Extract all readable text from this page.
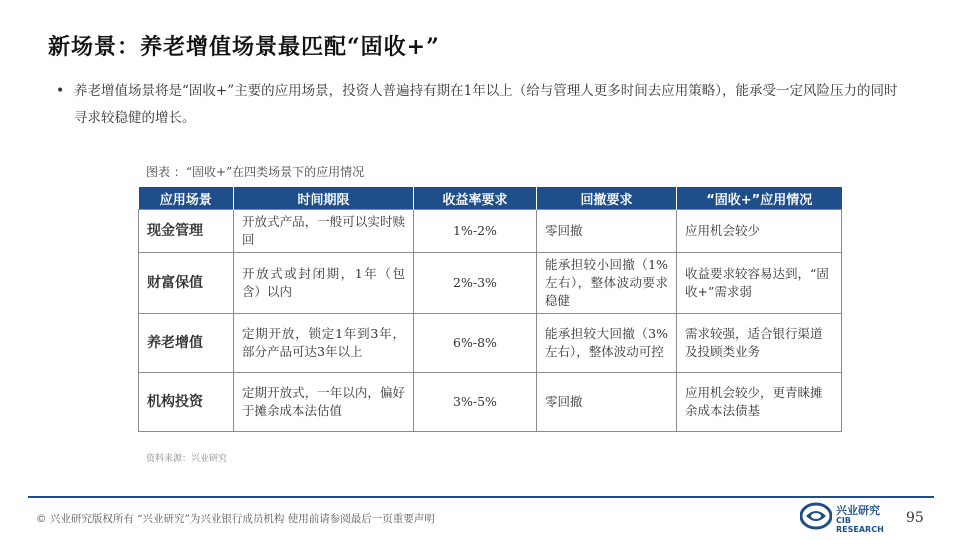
新场景：养老增值场景最匹配“固收+”
• 养老增值场景将是“固收+”主要的应用场景，投资人普遍持有期在1年以上（给与管理人更多时间去应用策略），能承受一定风险压力的同时寻求较稳健的增长。
图表 ：“固收+”在四类场景下的应用情况
应用场景	时间期限	收益率要求	回撤要求	“固收+”应用情况
现金管理	开放式产品，一般可以实时赎回	1%-2%	零回撤	应用机会较少
财富保值	开放式或封闭期，1年（包含）以内	2%-3%	能承担较小回撤（1%左右），整体波动要求稳健	收益要求较容易达到，“固收+”需求弱
养老增值	定期开放，锁定1年到3年，部分产品可达3年以上	6%-8%	能承担较大回撤（3%左右），整体波动可控	需求较强，适合银行渠道及投顾类业务
机构投资	定期开放式，一年以内，偏好于摊余成本法估值	3%-5%	零回撤	应用机会较少，更青睐摊余成本法债基
资料来源：兴业研究
© 兴业研究版权所有 “兴业研究”为兴业银行成员机构 使用前请参阅最后一页重要声明
兴业研究
CIB RESEARCH
95
